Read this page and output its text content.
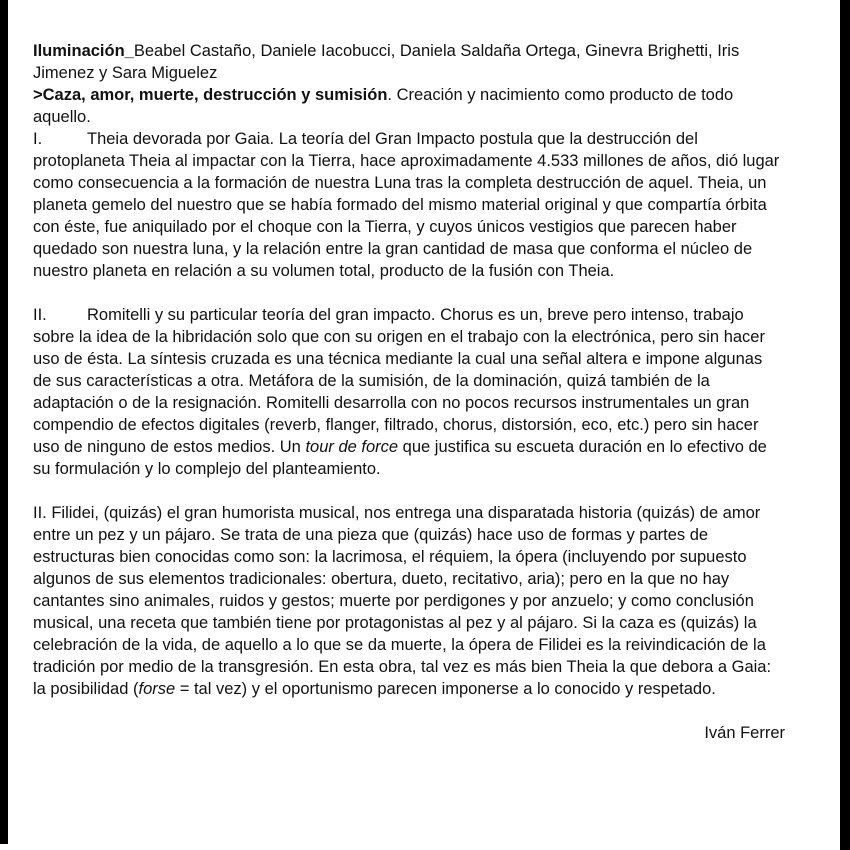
Iluminación_Beabel Castaño, Daniele Iacobucci, Daniela Saldaña Ortega, Ginevra Brighetti, Iris Jimenez y Sara Miguelez

>Caza, amor, muerte, destrucción y sumisión. Creación y nacimiento como producto de todo aquello.

I.	Theia devorada por Gaia. La teoría del Gran Impacto postula que la destrucción del protoplaneta Theia al impactar con la Tierra, hace aproximadamente 4.533 millones de años, dió lugar como consecuencia a la formación de nuestra Luna tras la completa destrucción de aquel. Theia, un planeta gemelo del nuestro que se había formado del mismo material original y que compartía órbita con éste, fue aniquilado por el choque con la Tierra, y cuyos únicos vestigios que parecen haber quedado son nuestra luna, y la relación entre la gran cantidad de masa que conforma el núcleo de nuestro planeta en relación a su volumen total, producto de la fusión con Theia.

II. Romitelli y su particular teoría del gran impacto. Chorus es un, breve pero intenso, trabajo sobre la idea de la hibridación solo que con su origen en el trabajo con la electrónica, pero sin hacer uso de ésta. La síntesis cruzada es una técnica mediante la cual una señal altera e impone algunas de sus características a otra. Metáfora de la sumisión, de la dominación, quizá también de la adaptación o de la resignación. Romitelli desarrolla con no pocos recursos instrumentales un gran compendio de efectos digitales (reverb, flanger, filtrado, chorus, distorsión, eco, etc.) pero sin hacer uso de ninguno de estos medios. Un tour de force que justifica su escueta duración en lo efectivo de su formulación y lo complejo del planteamiento.

II. Filidei, (quizás) el gran humorista musical, nos entrega una disparatada historia (quizás) de amor entre un pez y un pájaro. Se trata de una pieza que (quizás) hace uso de formas y partes de estructuras bien conocidas como son: la lacrimosa, el réquiem, la ópera (incluyendo por supuesto algunos de sus elementos tradicionales: obertura, dueto, recitativo, aria); pero en la que no hay cantantes sino animales, ruidos y gestos; muerte por perdigones y por anzuelo; y como conclusión musical, una receta que también tiene por protagonistas al pez y al pájaro. Si la caza es (quizás) la celebración de la vida, de aquello a lo que se da muerte, la ópera de Filidei es la reivindicación de la tradición por medio de la transgresión. En esta obra, tal vez es más bien Theia la que debora a Gaia: la posibilidad (forse = tal vez) y el oportunismo parecen imponerse a lo conocido y respetado.

Iván Ferrer
